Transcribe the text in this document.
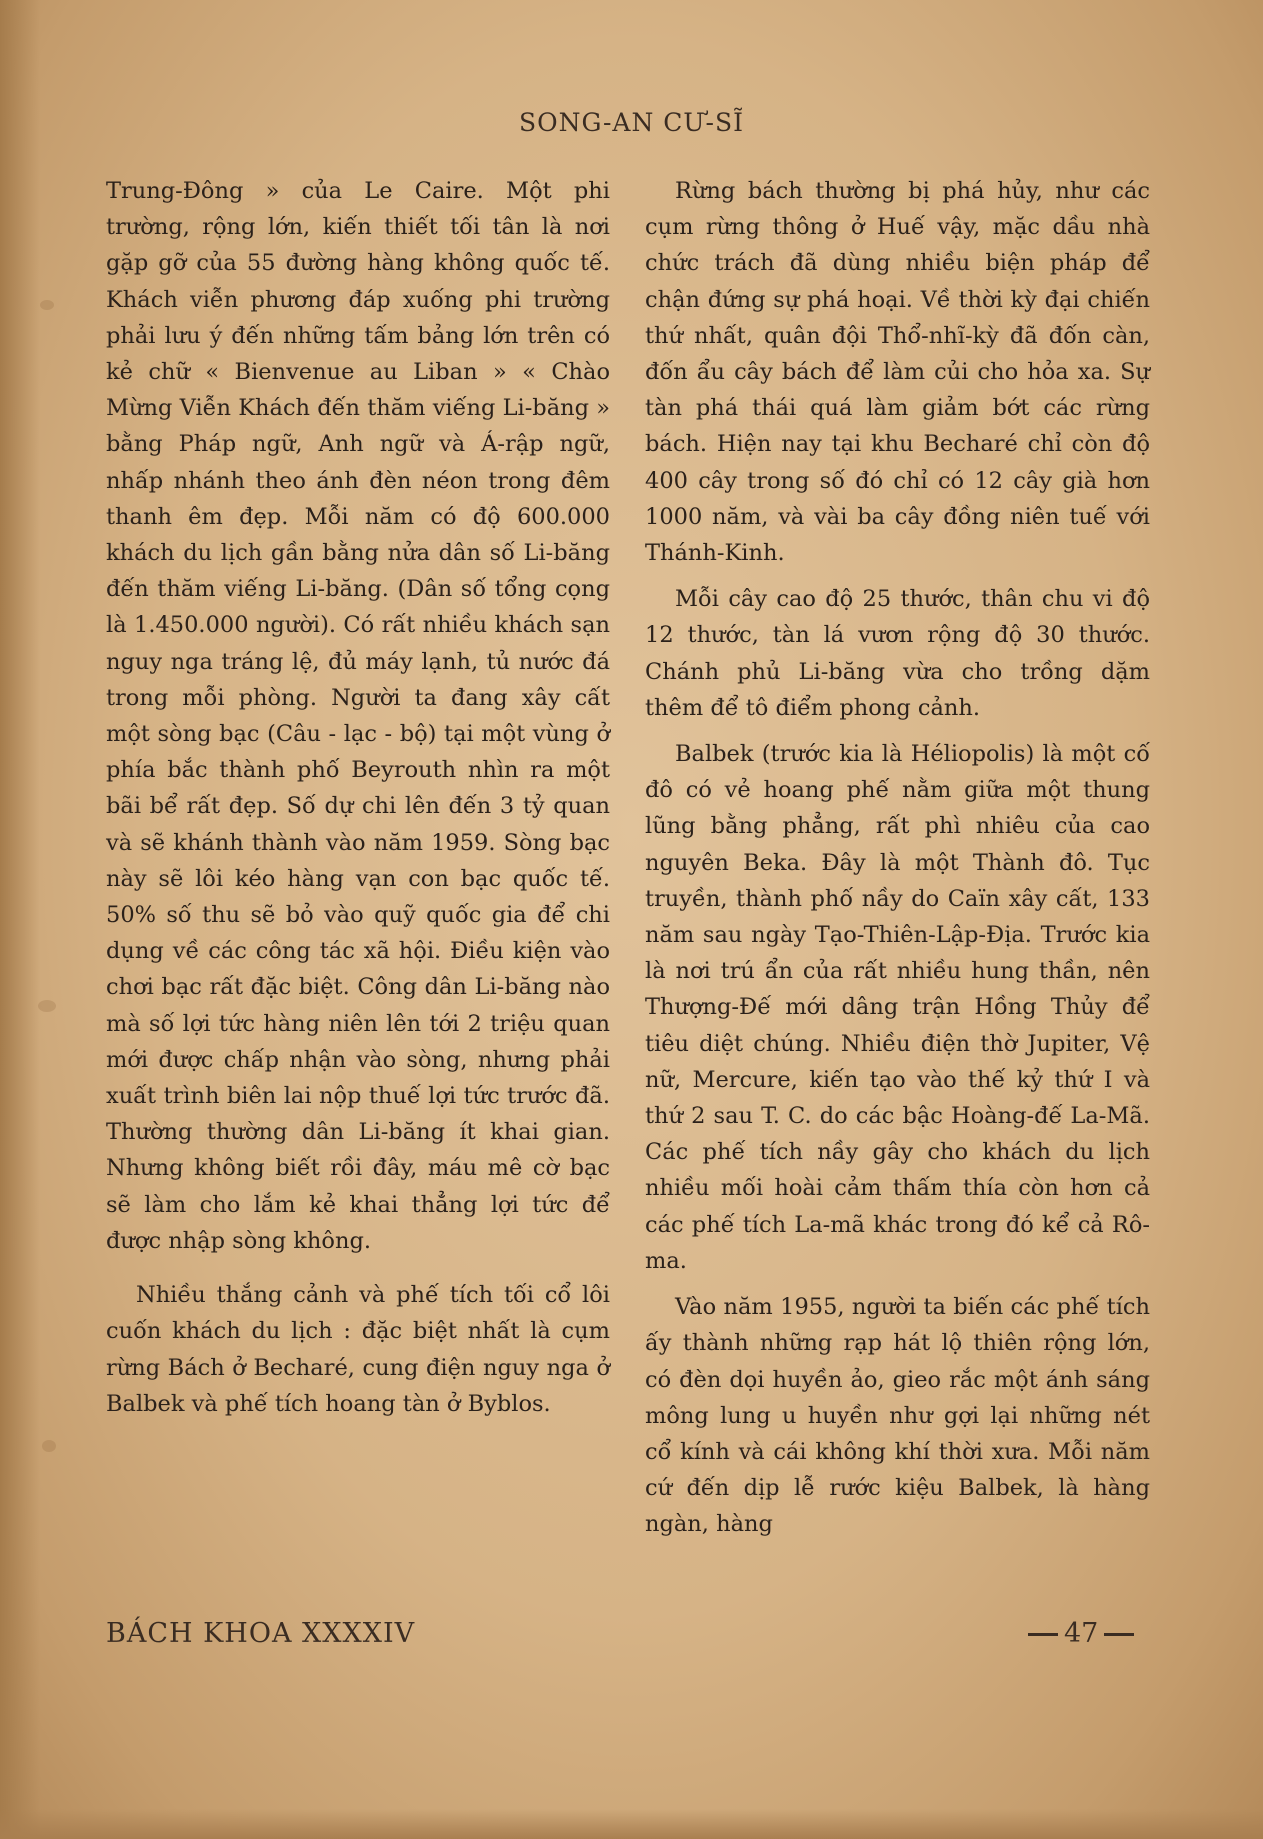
SONG-AN CƯ-SĨ

Trung-Đông » của Le Caire. Một phi trường, rộng lớn, kiến thiết tối tân là nơi gặp gỡ của 55 đường hàng không quốc tế. Khách viễn phương đáp xuống phi trường phải lưu ý đến những tấm bảng lớn trên có kẻ chữ « Bienvenue au Liban » « Chào Mừng Viễn Khách đến thăm viếng Li-băng » bằng Pháp ngữ, Anh ngữ và Á-rập ngữ, nhấp nhánh theo ánh đèn néon trong đêm thanh êm đẹp. Mỗi năm có độ 600.000 khách du lịch gần bằng nửa dân số Li-băng đến thăm viếng Li-băng. (Dân số tổng cọng là 1.450.000 người). Có rất nhiều khách sạn nguy nga tráng lệ, đủ máy lạnh, tủ nước đá trong mỗi phòng. Người ta đang xây cất một sòng bạc (Câu - lạc - bộ) tại một vùng ở phía bắc thành phố Beyrouth nhìn ra một bãi bể rất đẹp. Số dự chi lên đến 3 tỷ quan và sẽ khánh thành vào năm 1959. Sòng bạc này sẽ lôi kéo hàng vạn con bạc quốc tế. 50% số thu sẽ bỏ vào quỹ quốc gia để chi dụng về các công tác xã hội. Điều kiện vào chơi bạc rất đặc biệt. Công dân Li-băng nào mà số lợi tức hàng niên lên tới 2 triệu quan mới được chấp nhận vào sòng, nhưng phải xuất trình biên lai nộp thuế lợi tức trước đã. Thường thường dân Li-băng ít khai gian. Nhưng không biết rồi đây, máu mê cờ bạc sẽ làm cho lắm kẻ khai thẳng lợi tức để được nhập sòng không.

Nhiều thắng cảnh và phế tích tối cổ lôi cuốn khách du lịch : đặc biệt nhất là cụm rừng Bách ở Becharé, cung điện nguy nga ở Balbek và phế tích hoang tàn ở Byblos.

Rừng bách thường bị phá hủy, như các cụm rừng thông ở Huế vậy, mặc dầu nhà chức trách đã dùng nhiều biện pháp để chận đứng sự phá hoại. Về thời kỳ đại chiến thứ nhất, quân đội Thổ-nhĩ-kỳ đã đốn càn, đốn ẩu cây bách để làm củi cho hỏa xa. Sự tàn phá thái quá làm giảm bớt các rừng bách. Hiện nay tại khu Becharé chỉ còn độ 400 cây trong số đó chỉ có 12 cây già hơn 1000 năm, và vài ba cây đồng niên tuế với Thánh-Kinh.

Mỗi cây cao độ 25 thước, thân chu vi độ 12 thước, tàn lá vươn rộng độ 30 thước. Chánh phủ Li-băng vừa cho trồng dặm thêm để tô điểm phong cảnh.

Balbek (trước kia là Héliopolis) là một cố đô có vẻ hoang phế nằm giữa một thung lũng bằng phẳng, rất phì nhiêu của cao nguyên Beka. Đây là một Thành đô. Tục truyền, thành phố nầy do Caïn xây cất, 133 năm sau ngày Tạo-Thiên-Lập-Địa. Trước kia là nơi trú ẩn của rất nhiều hung thần, nên Thượng-Đế mới dâng trận Hồng Thủy để tiêu diệt chúng. Nhiều điện thờ Jupiter, Vệ nữ, Mercure, kiến tạo vào thế kỷ thứ I và thứ 2 sau T. C. do các bậc Hoàng-đế La-Mã. Các phế tích nầy gây cho khách du lịch nhiều mối hoài cảm thấm thía còn hơn cả các phế tích La-mã khác trong đó kể cả Rô-ma.

Vào năm 1955, người ta biến các phế tích ấy thành những rạp hát lộ thiên rộng lớn, có đèn dọi huyền ảo, gieo rắc một ánh sáng mông lung u huyền như gợi lại những nét cổ kính và cái không khí thời xưa. Mỗi năm cứ đến dịp lễ rước kiệu Balbek, là hàng ngàn, hàng

BÁCH KHOA XXXXIV	47
